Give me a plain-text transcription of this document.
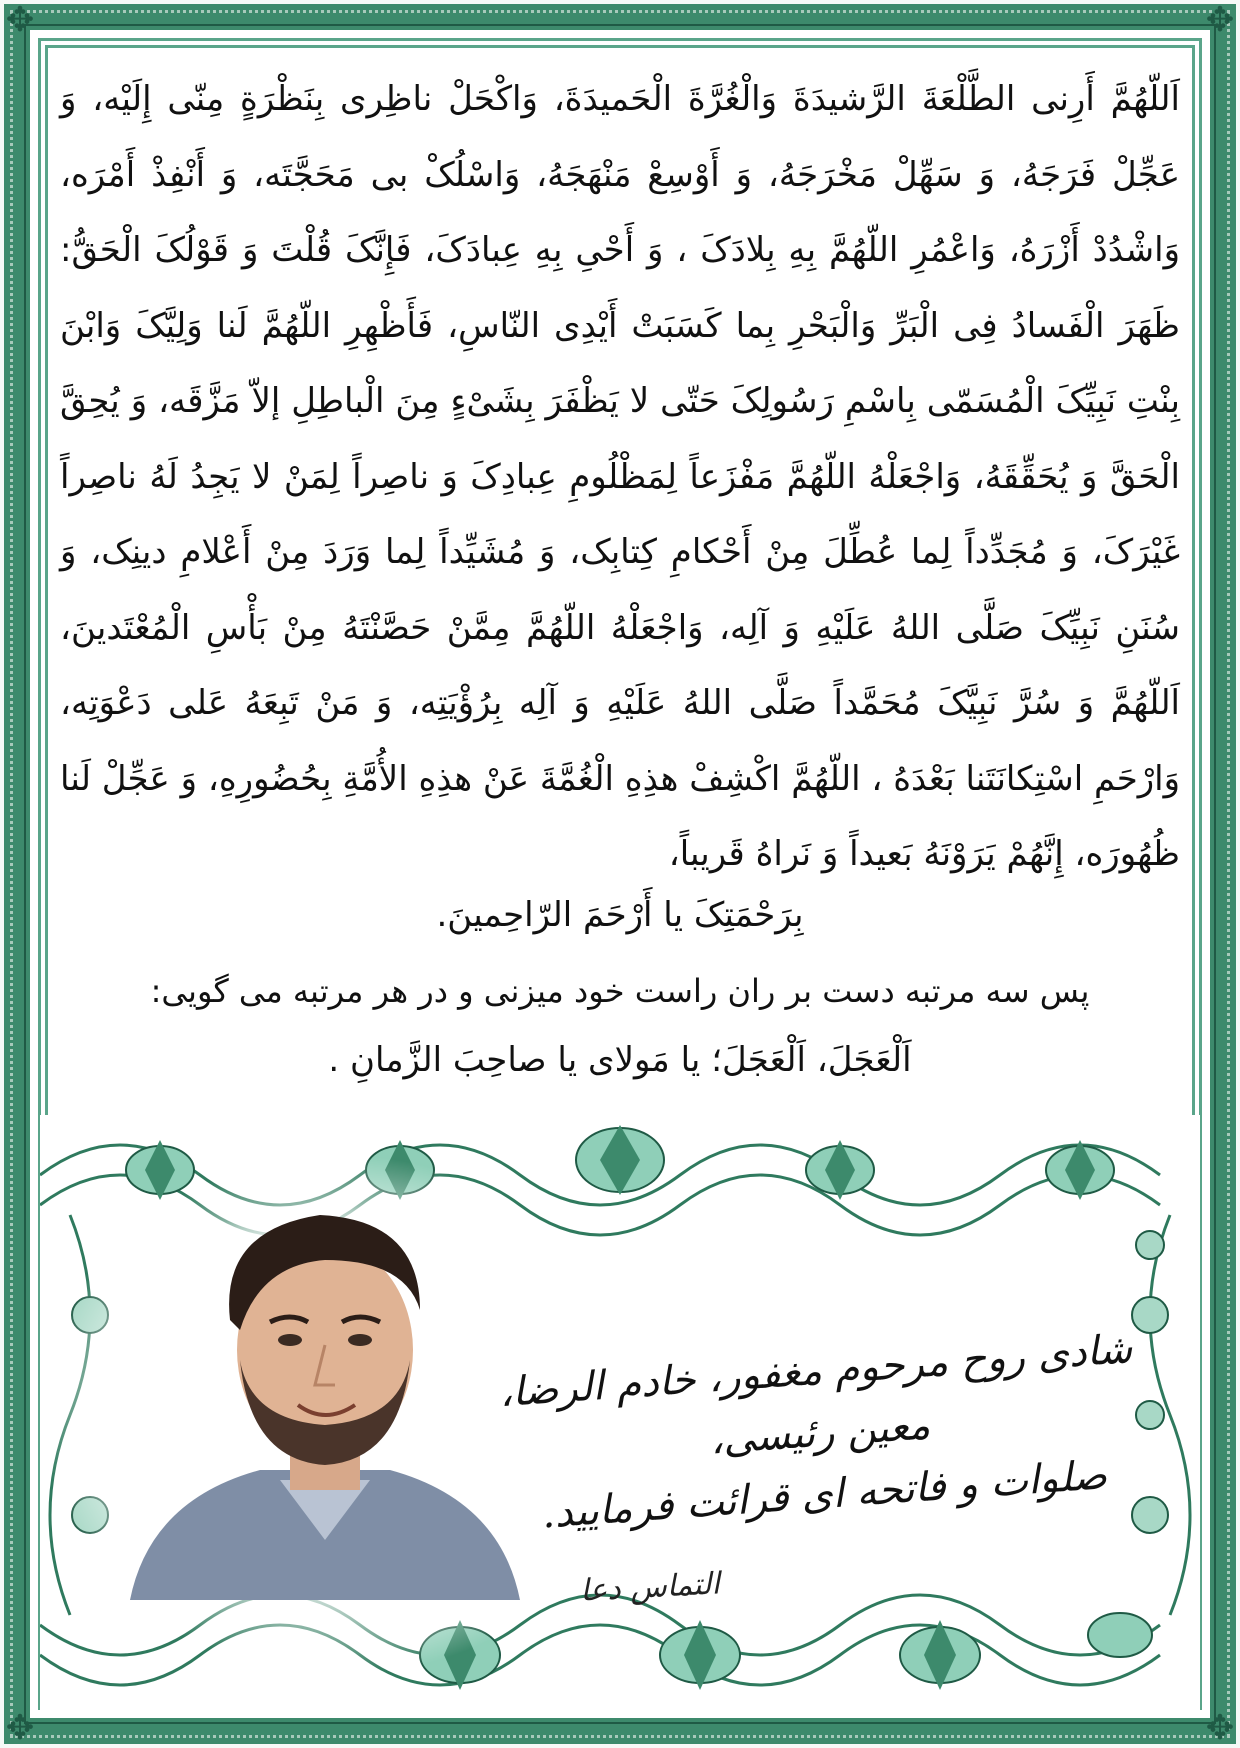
✥	✥
✥	✥
اَللّهُمَّ أَرِنی الطَّلْعَةَ الرَّشیدَةَ وَالْغُرَّةَ الْحَمیدَةَ، وَاکْحَلْ ناظِری بِنَظْرَةٍ مِنّی إِلَیْه، وَ عَجِّلْ فَرَجَهُ، وَ سَهِّلْ مَخْرَجَهُ، وَ أَوْسِعْ مَنْهَجَهُ، وَاسْلُکْ بی مَحَجَّتَه، وَ أَنْفِذْ أَمْرَه، وَاشْدُدْ أَزْرَهُ، وَاعْمُرِ اللّهُمَّ بِهِ بِلادَکَ ، وَ أَحْیِ بِهِ عِبادَکَ، فَإِنَّکَ قُلْتَ وَ قَوْلُکَ الْحَقُّ: ظَهَرَ الْفَسادُ فِی الْبَرِّ وَالْبَحْرِ بِما کَسَبَتْ أَیْدِی النّاسِ، فَأَظْهِرِ اللّهُمَّ لَنا وَلِیَّکَ وَابْنَ بِنْتِ نَبِیِّکَ الْمُسَمّی بِاسْمِ رَسُولِکَ حَتّی لا یَظْفَرَ بِشَیْءٍ مِنَ الْباطِلِ إلاّ مَزَّقَه، وَ یُحِقَّ الْحَقَّ وَ یُحَقِّقَهُ، وَاجْعَلْهُ اللّهُمَّ مَفْزَعاً لِمَظْلُومِ عِبادِکَ وَ ناصِراً لِمَنْ لا یَجِدُ لَهُ ناصِراً غَیْرَکَ، وَ مُجَدِّداً لِما عُطِّلَ مِنْ أَحْکامِ کِتابِک، وَ مُشَیِّداً لِما وَرَدَ مِنْ أَعْلامِ دینِک، وَ سُنَنِ نَبِیِّکَ صَلَّی اللهُ عَلَیْهِ وَ آلِه، وَاجْعَلْهُ اللّهُمَّ مِمَّنْ حَصَّنْتَهُ مِنْ بَأْسِ الْمُعْتَدینَ، اَللّهُمَّ وَ سُرَّ نَبِیَّکَ مُحَمَّداً صَلَّی اللهُ عَلَیْهِ وَ آلِه بِرُؤْیَتِه، وَ مَنْ تَبِعَهُ عَلی دَعْوَتِه، وَارْحَمِ اسْتِکانَتَنا بَعْدَهُ ، اللّهُمَّ اکْشِفْ هذِهِ الْغُمَّةَ عَنْ هذِهِ الأُمَّةِ بِحُضُورِهِ، وَ عَجِّلْ لَنا ظُهُورَه، إِنَّهُمْ یَرَوْنَهُ بَعیداً وَ نَراهُ قَریباً،
بِرَحْمَتِکَ یا أَرْحَمَ الرّاحِمینَ.
پس سه مرتبه دست بر ران راست خود میزنی و در هر مرتبه می گویی:
اَلْعَجَلَ، اَلْعَجَلَ؛ یا مَولای یا صاحِبَ الزَّمانِ .
شادی روح مرحوم مغفور، خادم الرضا، معین رئیسی،
صلوات و فاتحه ای قرائت فرمایید.
التماس دعا
